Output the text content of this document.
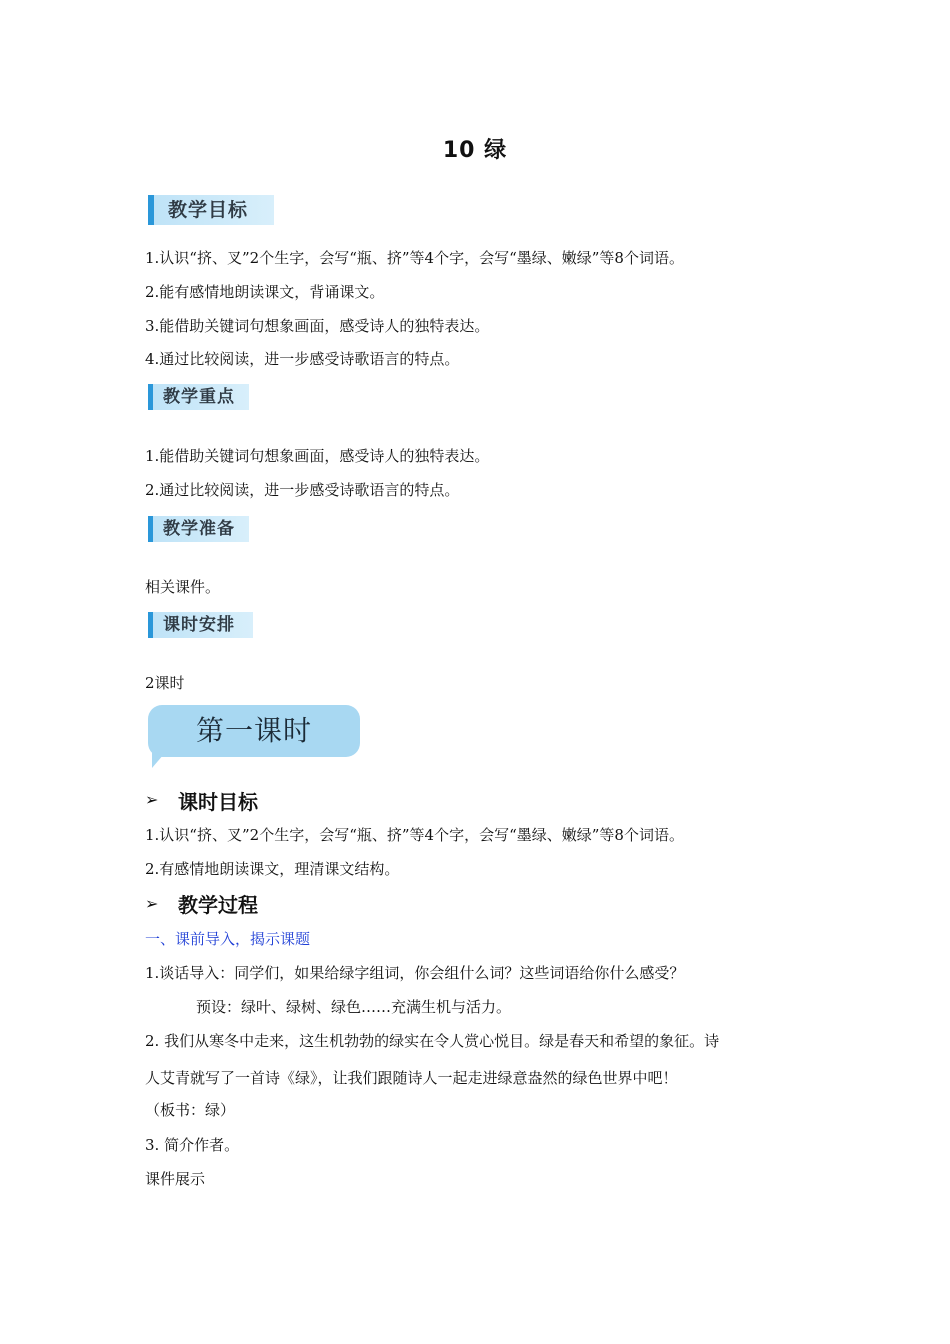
10 绿
教学目标
1.认识“挤、叉”2个生字，会写“瓶、挤”等4个字，会写“墨绿、嫩绿”等8个词语。
2.能有感情地朗读课文，背诵课文。
3.能借助关键词句想象画面，感受诗人的独特表达。
4.通过比较阅读，进一步感受诗歌语言的特点。
教学重点
1.能借助关键词句想象画面，感受诗人的独特表达。
2.通过比较阅读，进一步感受诗歌语言的特点。
教学准备
相关课件。
课时安排
2课时
第一课时
➢ 课时目标
1.认识“挤、叉”2个生字，会写“瓶、挤”等4个字，会写“墨绿、嫩绿”等8个词语。
2.有感情地朗读课文，理清课文结构。
➢ 教学过程
一、课前导入，揭示课题
1.谈话导入：同学们，如果给绿字组词，你会组什么词？这些词语给你什么感受？
预设：绿叶、绿树、绿色……充满生机与活力。
2. 我们从寒冬中走来，这生机勃勃的绿实在令人赏心悦目。绿是春天和希望的象征。诗
人艾青就写了一首诗《绿》，让我们跟随诗人一起走进绿意盎然的绿色世界中吧！
（板书：绿）
3. 简介作者。
课件展示
